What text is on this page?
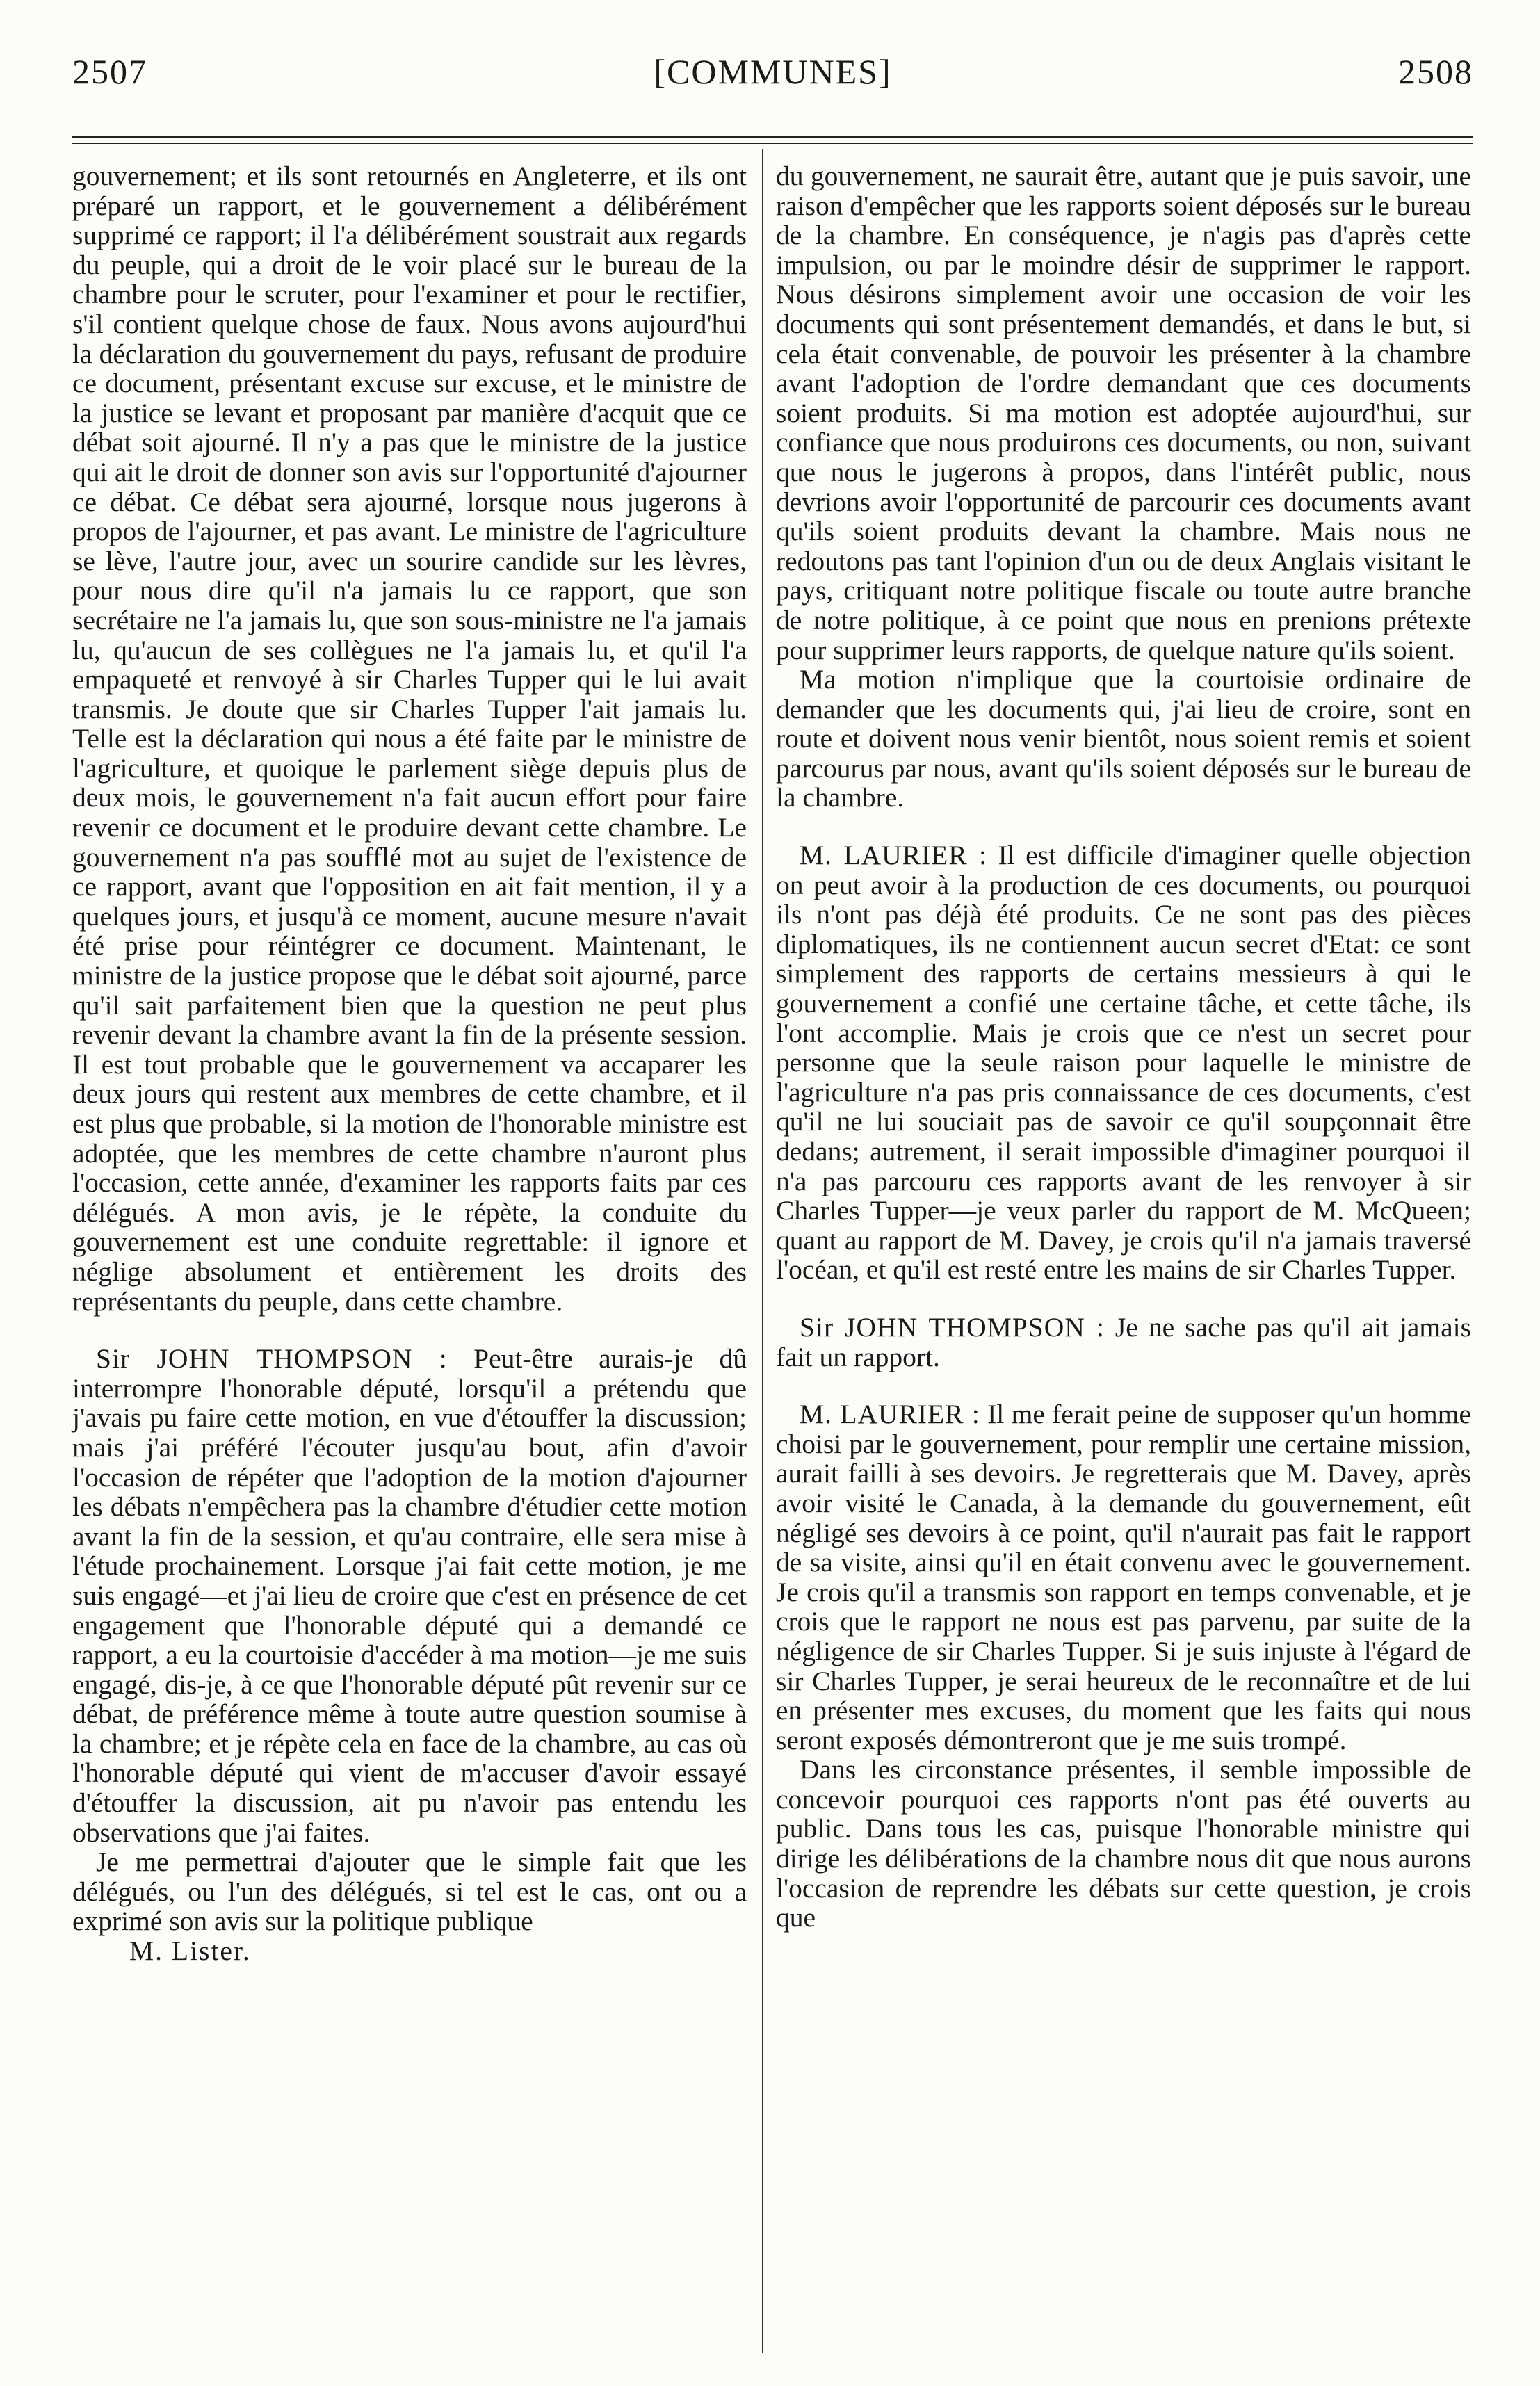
2507	[COMMUNES]	2508

gouvernement; et ils sont retournés en Angleterre, et ils ont préparé un rapport, et le gouvernement a délibérément supprimé ce rapport; il l'a délibérément soustrait aux regards du peuple, qui a droit de le voir placé sur le bureau de la chambre pour le scruter, pour l'examiner et pour le rectifier, s'il contient quelque chose de faux. Nous avons aujourd'hui la déclaration du gouvernement du pays, refusant de produire ce document, présentant excuse sur excuse, et le ministre de la justice se levant et proposant par manière d'acquit que ce débat soit ajourné. Il n'y a pas que le ministre de la justice qui ait le droit de donner son avis sur l'opportunité d'ajourner ce débat. Ce débat sera ajourné, lorsque nous jugerons à propos de l'ajourner, et pas avant. Le ministre de l'agriculture se lève, l'autre jour, avec un sourire candide sur les lèvres, pour nous dire qu'il n'a jamais lu ce rapport, que son secrétaire ne l'a jamais lu, que son sous-ministre ne l'a jamais lu, qu'aucun de ses collègues ne l'a jamais lu, et qu'il l'a empaqueté et renvoyé à sir Charles Tupper qui le lui avait transmis. Je doute que sir Charles Tupper l'ait jamais lu. Telle est la déclaration qui nous a été faite par le ministre de l'agriculture, et quoique le parlement siège depuis plus de deux mois, le gouvernement n'a fait aucun effort pour faire revenir ce document et le produire devant cette chambre. Le gouvernement n'a pas soufflé mot au sujet de l'existence de ce rapport, avant que l'opposition en ait fait mention, il y a quelques jours, et jusqu'à ce moment, aucune mesure n'avait été prise pour réintégrer ce document. Maintenant, le ministre de la justice propose que le débat soit ajourné, parce qu'il sait parfaitement bien que la question ne peut plus revenir devant la chambre avant la fin de la présente session. Il est tout probable que le gouvernement va accaparer les deux jours qui restent aux membres de cette chambre, et il est plus que probable, si la motion de l'honorable ministre est adoptée, que les membres de cette chambre n'auront plus l'occasion, cette année, d'examiner les rapports faits par ces délégués. A mon avis, je le répète, la conduite du gouvernement est une conduite regrettable: il ignore et néglige absolument et entièrement les droits des représentants du peuple, dans cette chambre.

Sir JOHN THOMPSON : Peut-être aurais-je dû interrompre l'honorable député, lorsqu'il a prétendu que j'avais pu faire cette motion, en vue d'étouffer la discussion; mais j'ai préféré l'écouter jusqu'au bout, afin d'avoir l'occasion de répéter que l'adoption de la motion d'ajourner les débats n'empêchera pas la chambre d'étudier cette motion avant la fin de la session, et qu'au contraire, elle sera mise à l'étude prochainement. Lorsque j'ai fait cette motion, je me suis engagé—et j'ai lieu de croire que c'est en présence de cet engagement que l'honorable député qui a demandé ce rapport, a eu la courtoisie d'accéder à ma motion—je me suis engagé, dis-je, à ce que l'honorable député pût revenir sur ce débat, de préférence même à toute autre question soumise à la chambre; et je répète cela en face de la chambre, au cas où l'honorable député qui vient de m'accuser d'avoir essayé d'étouffer la discussion, ait pu n'avoir pas entendu les observations que j'ai faites.

Je me permettrai d'ajouter que le simple fait que les délégués, ou l'un des délégués, si tel est le cas, ont ou a exprimé son avis sur la politique publique

M. Lister.

du gouvernement, ne saurait être, autant que je puis savoir, une raison d'empêcher que les rapports soient déposés sur le bureau de la chambre. En conséquence, je n'agis pas d'après cette impulsion, ou par le moindre désir de supprimer le rapport. Nous désirons simplement avoir une occasion de voir les documents qui sont présentement demandés, et dans le but, si cela était convenable, de pouvoir les présenter à la chambre avant l'adoption de l'ordre demandant que ces documents soient produits. Si ma motion est adoptée aujourd'hui, sur confiance que nous produirons ces documents, ou non, suivant que nous le jugerons à propos, dans l'intérêt public, nous devrions avoir l'opportunité de parcourir ces documents avant qu'ils soient produits devant la chambre. Mais nous ne redoutons pas tant l'opinion d'un ou de deux Anglais visitant le pays, critiquant notre politique fiscale ou toute autre branche de notre politique, à ce point que nous en prenions prétexte pour supprimer leurs rapports, de quelque nature qu'ils soient.

Ma motion n'implique que la courtoisie ordinaire de demander que les documents qui, j'ai lieu de croire, sont en route et doivent nous venir bientôt, nous soient remis et soient parcourus par nous, avant qu'ils soient déposés sur le bureau de la chambre.

M. LAURIER : Il est difficile d'imaginer quelle objection on peut avoir à la production de ces documents, ou pourquoi ils n'ont pas déjà été produits. Ce ne sont pas des pièces diplomatiques, ils ne contiennent aucun secret d'Etat: ce sont simplement des rapports de certains messieurs à qui le gouvernement a confié une certaine tâche, et cette tâche, ils l'ont accomplie. Mais je crois que ce n'est un secret pour personne que la seule raison pour laquelle le ministre de l'agriculture n'a pas pris connaissance de ces documents, c'est qu'il ne lui souciait pas de savoir ce qu'il soupçonnait être dedans; autrement, il serait impossible d'imaginer pourquoi il n'a pas parcouru ces rapports avant de les renvoyer à sir Charles Tupper—je veux parler du rapport de M. McQueen; quant au rapport de M. Davey, je crois qu'il n'a jamais traversé l'océan, et qu'il est resté entre les mains de sir Charles Tupper.

Sir JOHN THOMPSON : Je ne sache pas qu'il ait jamais fait un rapport.

M. LAURIER : Il me ferait peine de supposer qu'un homme choisi par le gouvernement, pour remplir une certaine mission, aurait failli à ses devoirs. Je regretterais que M. Davey, après avoir visité le Canada, à la demande du gouvernement, eût négligé ses devoirs à ce point, qu'il n'aurait pas fait le rapport de sa visite, ainsi qu'il en était convenu avec le gouvernement. Je crois qu'il a transmis son rapport en temps convenable, et je crois que le rapport ne nous est pas parvenu, par suite de la négligence de sir Charles Tupper. Si je suis injuste à l'égard de sir Charles Tupper, je serai heureux de le reconnaître et de lui en présenter mes excuses, du moment que les faits qui nous seront exposés démontreront que je me suis trompé.

Dans les circonstance présentes, il semble impossible de concevoir pourquoi ces rapports n'ont pas été ouverts au public. Dans tous les cas, puisque l'honorable ministre qui dirige les délibérations de la chambre nous dit que nous aurons l'occasion de reprendre les débats sur cette question, je crois que
